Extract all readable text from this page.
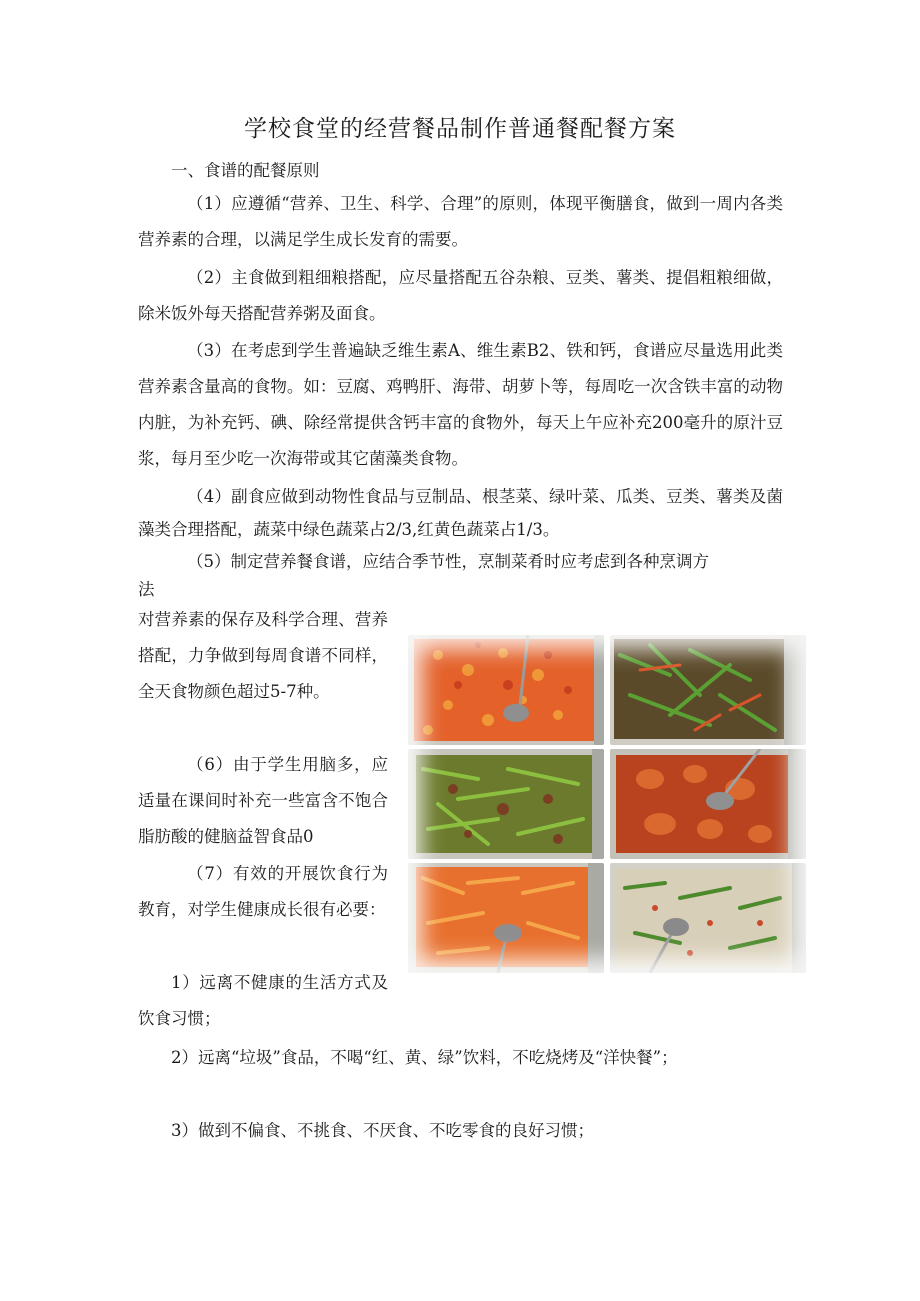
学校食堂的经营餐品制作普通餐配餐方案

一、食谱的配餐原则

（1）应遵循“营养、卫生、科学、合理”的原则，体现平衡膳食，做到一周内各类营养素的合理，以满足学生成长发育的需要。

（2）主食做到粗细粮搭配，应尽量搭配五谷杂粮、豆类、薯类、提倡粗粮细做，除米饭外每天搭配营养粥及面食。

（3）在考虑到学生普遍缺乏维生素A、维生素B2、铁和钙，食谱应尽量选用此类营养素含量高的食物。如：豆腐、鸡鸭肝、海带、胡萝卜等，每周吃一次含铁丰富的动物内脏，为补充钙、碘、除经常提供含钙丰富的食物外，每天上午应补充200毫升的原汁豆浆，每月至少吃一次海带或其它菌藻类食物。

（4）副食应做到动物性食品与豆制品、根茎菜、绿叶菜、瓜类、豆类、薯类及菌藻类合理搭配，蔬菜中绿色蔬菜占2/3,红黄色蔬菜占1/3。

（5）制定营养餐食谱，应结合季节性，烹制菜肴时应考虑到各种烹调方

法

对营养素的保存及科学合理、营养搭配，力争做到每周食谱不同样，全天食物颜色超过5-7种。

（6）由于学生用脑多，应适量在课间时补充一些富含不饱合脂肪酸的健脑益智食品0

（7）有效的开展饮食行为教育，对学生健康成长很有必要：

1）远离不健康的生活方式及饮食习惯；

2）远离“垃圾”食品，不喝“红、黄、绿”饮料，不吃烧烤及“洋快餐”；

3）做到不偏食、不挑食、不厌食、不吃零食的良好习惯；
